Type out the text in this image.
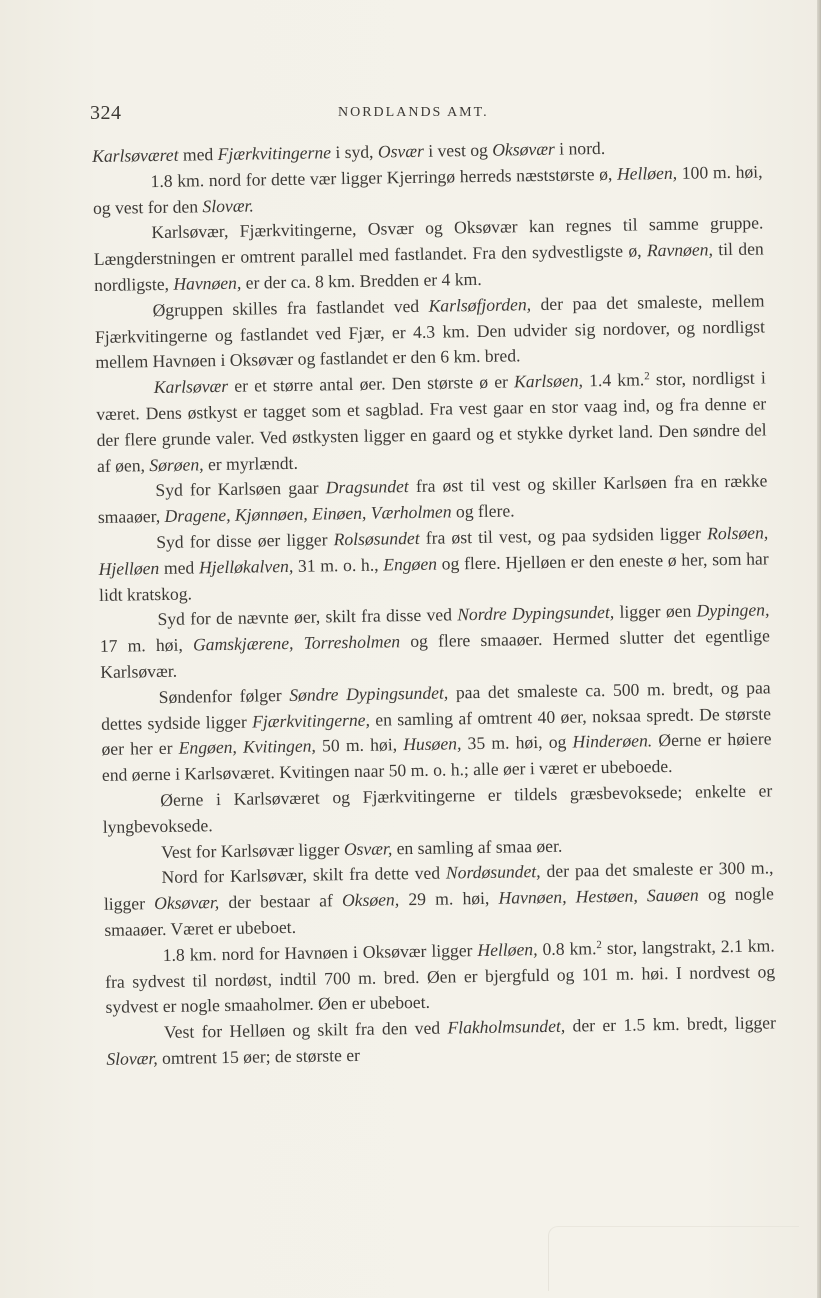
324	NORDLANDS AMT.

Karlsøværet med Fjærkvitingerne i syd, Osvær i vest og Oksøvær i nord.

1.8 km. nord for dette vær ligger Kjerringø herreds næststørste ø, Helløen, 100 m. høi, og vest for den Slovær.

Karlsøvær, Fjærkvitingerne, Osvær og Oksøvær kan regnes til samme gruppe. Længderstningen er omtrent parallel med fastlandet. Fra den sydvestligste ø, Ravnøen, til den nordligste, Havnøen, er der ca. 8 km. Bredden er 4 km.

Øgruppen skilles fra fastlandet ved Karlsøfjorden, der paa det smaleste, mellem Fjærkvitingerne og fastlandet ved Fjær, er 4.3 km. Den udvider sig nordover, og nordligst mellem Havnøen i Oksøvær og fastlandet er den 6 km. bred.

Karlsøvær er et større antal øer. Den største ø er Karlsøen, 1.4 km.$^2$ stor, nordligst i været. Dens østkyst er tagget som et sagblad. Fra vest gaar en stor vaag ind, og fra denne er der flere grunde valer. Ved østkysten ligger en gaard og et stykke dyrket land. Den søndre del af øen, Sørøen, er myrlændt.

Syd for Karlsøen gaar Dragsundet fra øst til vest og skiller Karlsøen fra en række smaaøer, Dragene, Kjønnøen, Einøen, Værholmen og flere.

Syd for disse øer ligger Rolsøsundet fra øst til vest, og paa sydsiden ligger Rolsøen, Hjelløen med Hjelløkalven, 31 m. o. h., Engøen og flere. Hjelløen er den eneste ø her, som har lidt kratskog.

Syd for de nævnte øer, skilt fra disse ved Nordre Dypingsundet, ligger øen Dypingen, 17 m. høi, Gamskjærene, Torresholmen og flere smaaøer. Hermed slutter det egentlige Karlsøvær.

Søndenfor følger Søndre Dypingsundet, paa det smaleste ca. 500 m. bredt, og paa dettes sydside ligger Fjærkvitingerne, en samling af omtrent 40 øer, noksaa spredt. De største øer her er Engøen, Kvitingen, 50 m. høi, Husøen, 35 m. høi, og Hinderøen. Øerne er høiere end øerne i Karlsøværet. Kvitingen naar 50 m. o. h.; alle øer i været er ubeboede.

Øerne i Karlsøværet og Fjærkvitingerne er tildels græsbevoksede; enkelte er lyngbevoksede.

Vest for Karlsøvær ligger Osvær, en samling af smaa øer.

Nord for Karlsøvær, skilt fra dette ved Nordøsundet, der paa det smaleste er 300 m., ligger Oksøvær, der bestaar af Oksøen, 29 m. høi, Havnøen, Hestøen, Sauøen og nogle smaaøer. Været er ubeboet.

1.8 km. nord for Havnøen i Oksøvær ligger Helløen, 0.8 km.$^2$ stor, langstrakt, 2.1 km. fra sydvest til nordøst, indtil 700 m. bred. Øen er bjergfuld og 101 m. høi. I nordvest og sydvest er nogle smaaholmer. Øen er ubeboet.

Vest for Helløen og skilt fra den ved Flakholmsundet, der er 1.5 km. bredt, ligger Slovær, omtrent 15 øer; de største er
